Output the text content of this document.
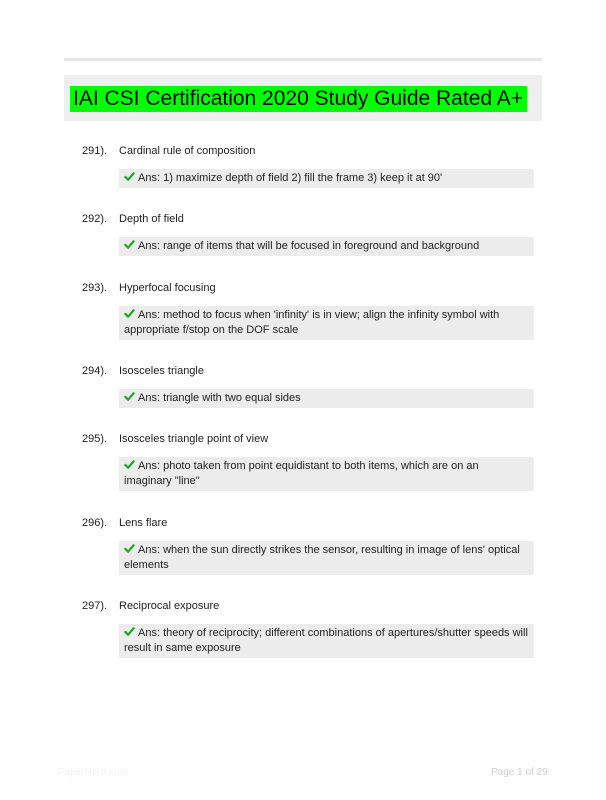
IAI CSI Certification 2020 Study Guide Rated A+
291). Cardinal rule of composition
Ans: 1) maximize depth of field 2) fill the frame 3) keep it at 90'
292). Depth of field
Ans: range of items that will be focused in foreground and background
293). Hyperfocal focusing
Ans: method to focus when 'infinity' is in view; align the infinity symbol with appropriate f/stop on the DOF scale
294). Isosceles triangle
Ans: triangle with two equal sides
295). Isosceles triangle point of view
Ans: photo taken from point equidistant to both items, which are on an imaginary "line"
296). Lens flare
Ans: when the sun directly strikes the sensor, resulting in image of lens' optical elements
297). Reciprocal exposure
Ans: theory of reciprocity; different combinations of apertures/shutter speeds will result in same exposure
PaperNerd.com	Page 1 of 29
